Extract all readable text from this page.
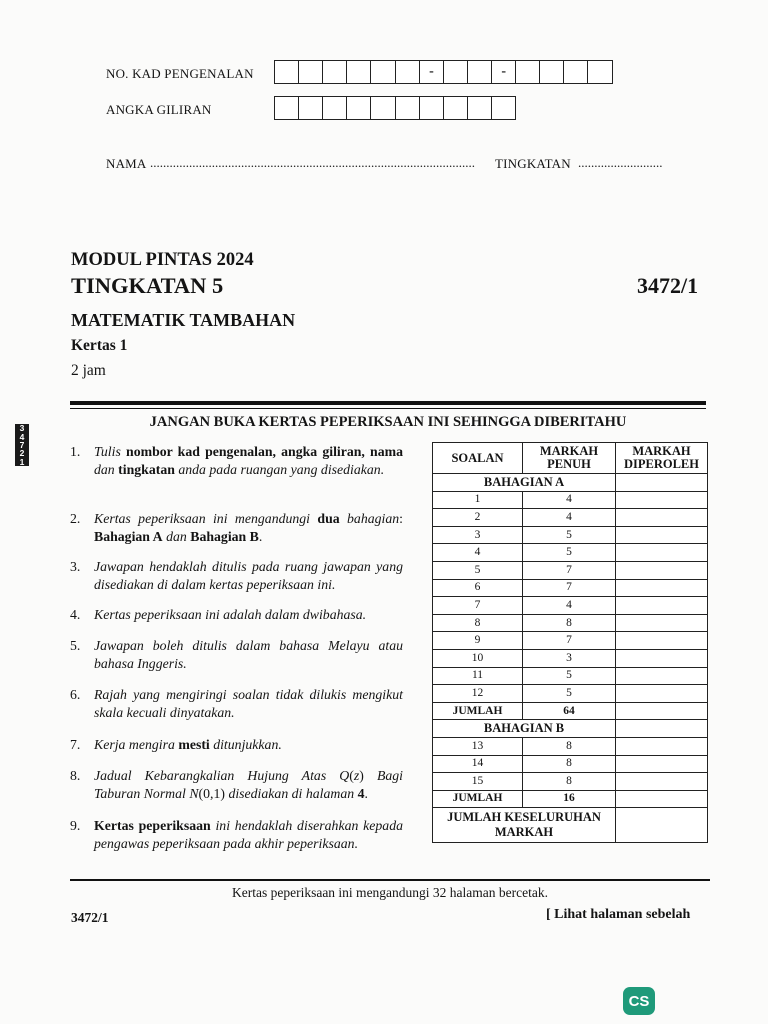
NO. KAD PENGENALAN	-	-
ANGKA GILIRAN
NAMA ....................................................................................................	TINGKATAN ..........................
MODUL PINTAS 2024
TINGKATAN 5	3472/1
MATEMATIK TAMBAHAN
Kertas 1
2 jam
JANGAN BUKA KERTAS PEPERIKSAAN INI SEHINGGA DIBERITAHU
3
4
7
2
1
1. Tulis nombor kad pengenalan, angka giliran, nama dan tingkatan anda pada ruangan yang disediakan.
2. Kertas peperiksaan ini mengandungi dua bahagian: Bahagian A dan Bahagian B.
3. Jawapan hendaklah ditulis pada ruang jawapan yang disediakan di dalam kertas peperiksaan ini.
4. Kertas peperiksaan ini adalah dalam dwibahasa.
5. Jawapan boleh ditulis dalam bahasa Melayu atau bahasa Inggeris.
6. Rajah yang mengiringi soalan tidak dilukis mengikut skala kecuali dinyatakan.
7. Kerja mengira mesti ditunjukkan.
8. Jadual Kebarangkalian Hujung Atas Q(z) Bagi Taburan Normal N(0,1) disediakan di halaman 4.
9. Kertas peperiksaan ini hendaklah diserahkan kepada pengawas peperiksaan pada akhir peperiksaan.
SOALAN	MARKAH PENUH	MARKAH DIPEROLEH
BAHAGIAN A		
1	4	
2	4	
3	5	
4	5	
5	7	
6	7	
7	4	
8	8	
9	7	
10	3	
11	5	
12	5	
JUMLAH	64	
BAHAGIAN B		
13	8	
14	8	
15	8	
JUMLAH	16	
JUMLAH KESELURUHAN MARKAH		
Kertas peperiksaan ini mengandungi 32 halaman bercetak.
3472/1	[ Lihat halaman sebelah
CS
